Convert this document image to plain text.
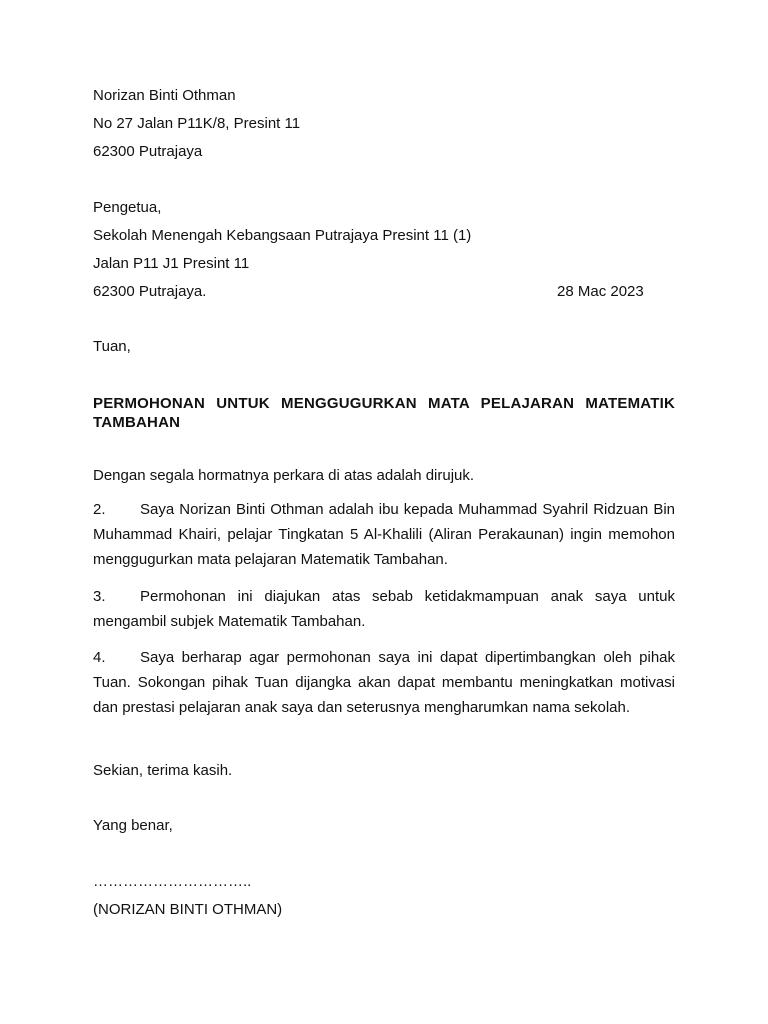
Norizan Binti Othman
No 27 Jalan P11K/8, Presint 11
62300 Putrajaya
Pengetua,
Sekolah Menengah Kebangsaan Putrajaya Presint 11 (1)
Jalan P11 J1 Presint 11
62300 Putrajaya.	28 Mac 2023
Tuan,
PERMOHONAN UNTUK MENGGUGURKAN MATA PELAJARAN MATEMATIK
TAMBAHAN
Dengan segala hormatnya perkara di atas adalah dirujuk.
2. Saya Norizan Binti Othman adalah ibu kepada Muhammad Syahril Ridzuan Bin Muhammad Khairi, pelajar Tingkatan 5 Al-Khalili (Aliran Perakaunan) ingin memohon menggugurkan mata pelajaran Matematik Tambahan.
3. Permohonan ini diajukan atas sebab ketidakmampuan anak saya untuk mengambil subjek Matematik Tambahan.
4. Saya berharap agar permohonan saya ini dapat dipertimbangkan oleh pihak Tuan. Sokongan pihak Tuan dijangka akan dapat membantu meningkatkan motivasi dan prestasi pelajaran anak saya dan seterusnya mengharumkan nama sekolah.
Sekian, terima kasih.
Yang benar,
…………………………..
(NORIZAN BINTI OTHMAN)
